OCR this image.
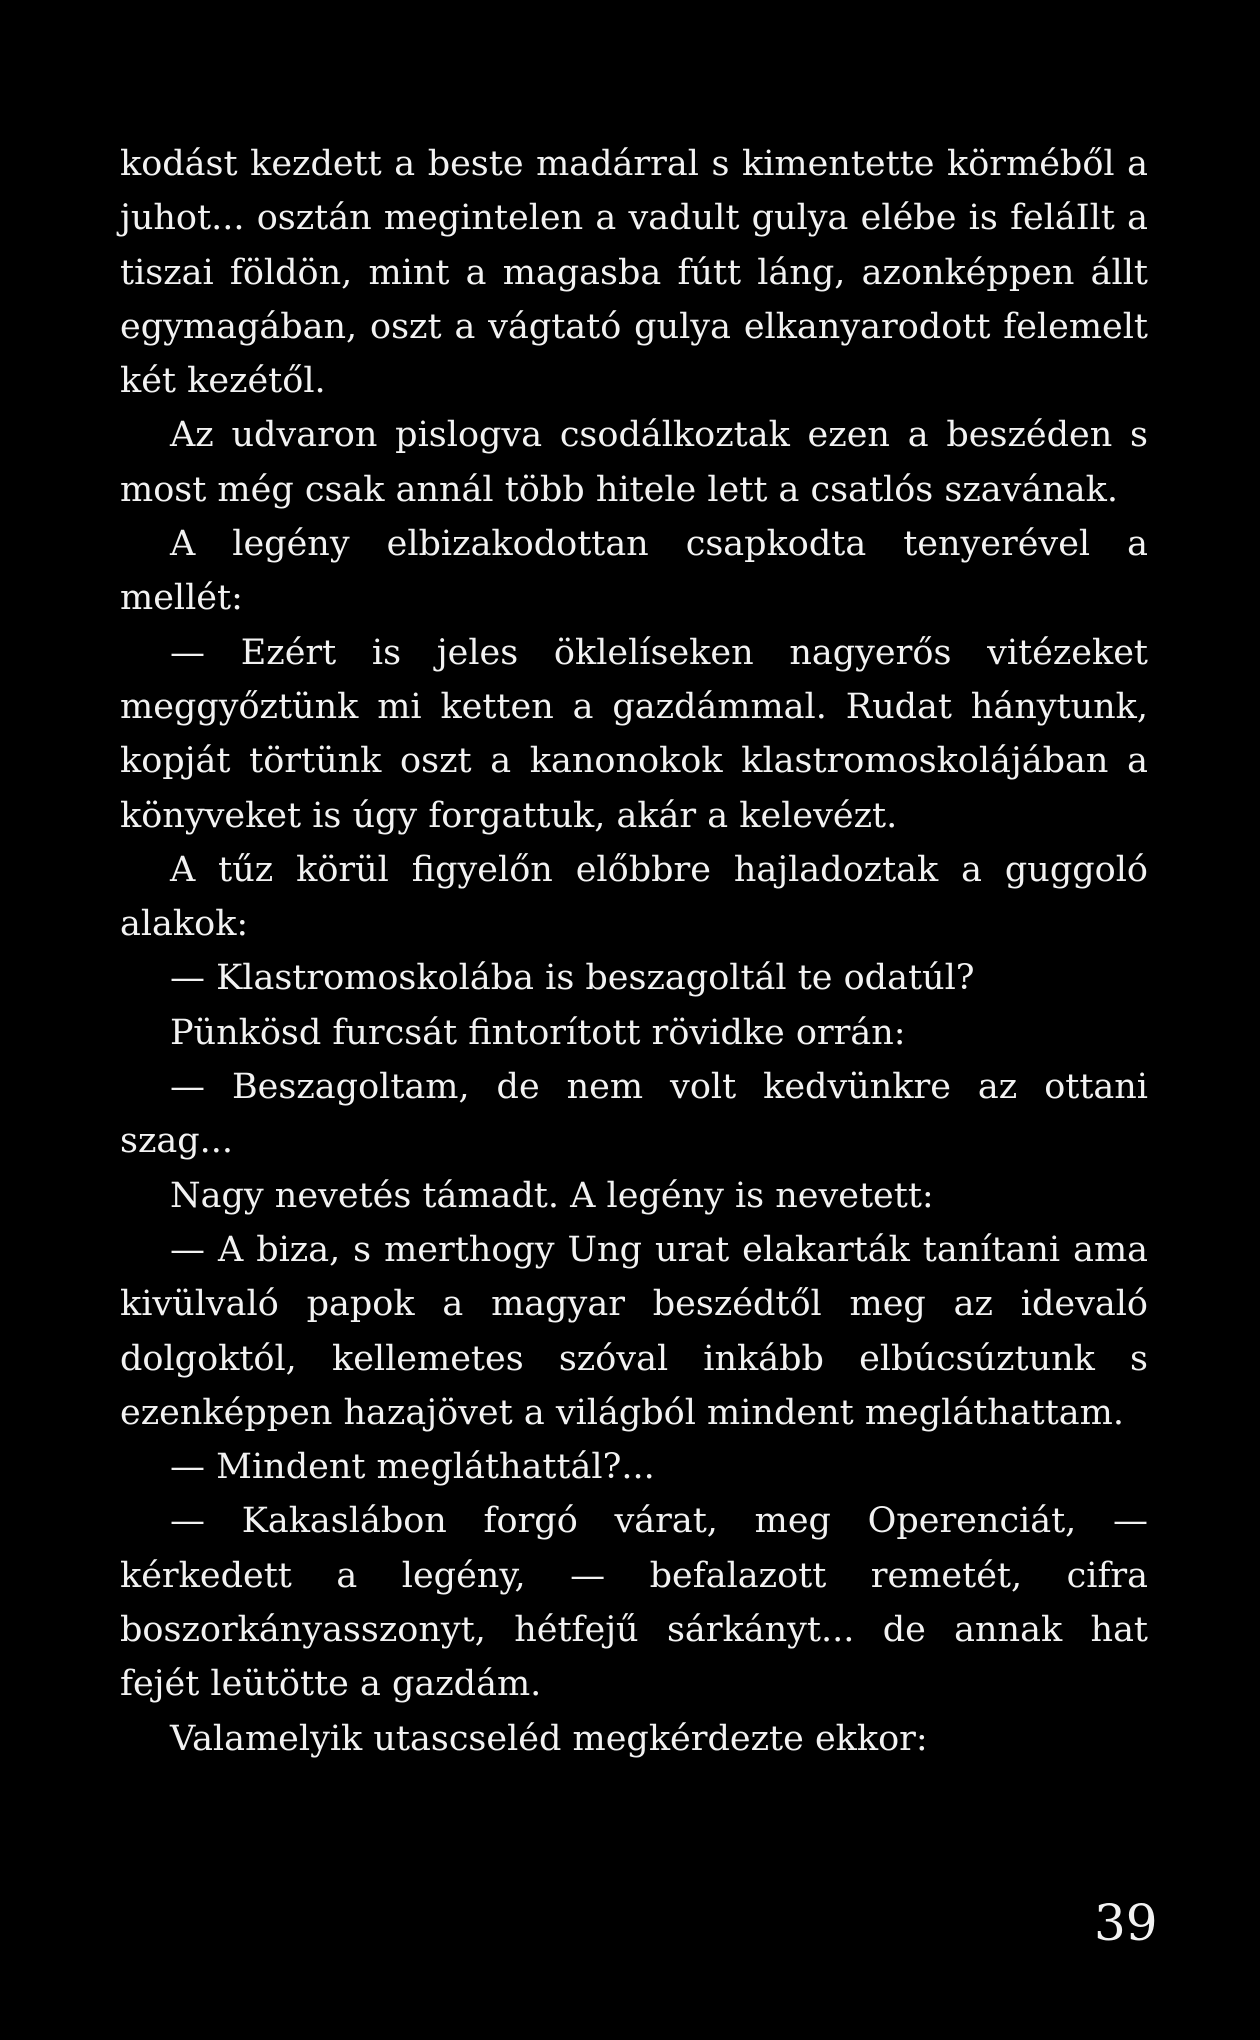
kodást kezdett a beste madárral s kimentette körméből a juhot... osztán megintelen a vadult gulya elébe is feláIlt a tiszai földön, mint a magasba fútt láng, azonképpen állt egymagában, oszt a vágtató gulya elkanyarodott felemelt két kezétől.

Az udvaron pislogva csodálkoztak ezen a beszéden s most még csak annál több hitele lett a csatlós szavának.

A legény elbizakodottan csapkodta tenyerével a mellét:

— Ezért is jeles öklelíseken nagyerős vitézeket meggyőztünk mi ketten a gazdámmal. Rudat hánytunk, kopját törtünk oszt a kanonokok klastromoskolájában a könyveket is úgy forgattuk, akár a kelevézt.

A tűz körül figyelőn előbbre hajladoztak a guggoló alakok:

— Klastromoskolába is beszagoltál te odatúl?

Pünkösd furcsát fintorított rövidke orrán:

— Beszagoltam, de nem volt kedvünkre az ottani szag...

Nagy nevetés támadt. A legény is nevetett:

— A biza, s merthogy Ung urat elakarták tanítani ama kivülvaló papok a magyar beszédtől meg az idevaló dolgoktól, kellemetes szóval inkább elbúcsúztunk s ezenképpen hazajövet a világból mindent megláthattam.

— Mindent megláthattál?...

— Kakaslábon forgó várat, meg Operenciát, — kérkedett a legény, — befalazott remetét, cifra boszorkányasszonyt, hétfejű sárkányt... de annak hat fejét leütötte a gazdám.

Valamelyik utascseléd megkérdezte ekkor:

39
